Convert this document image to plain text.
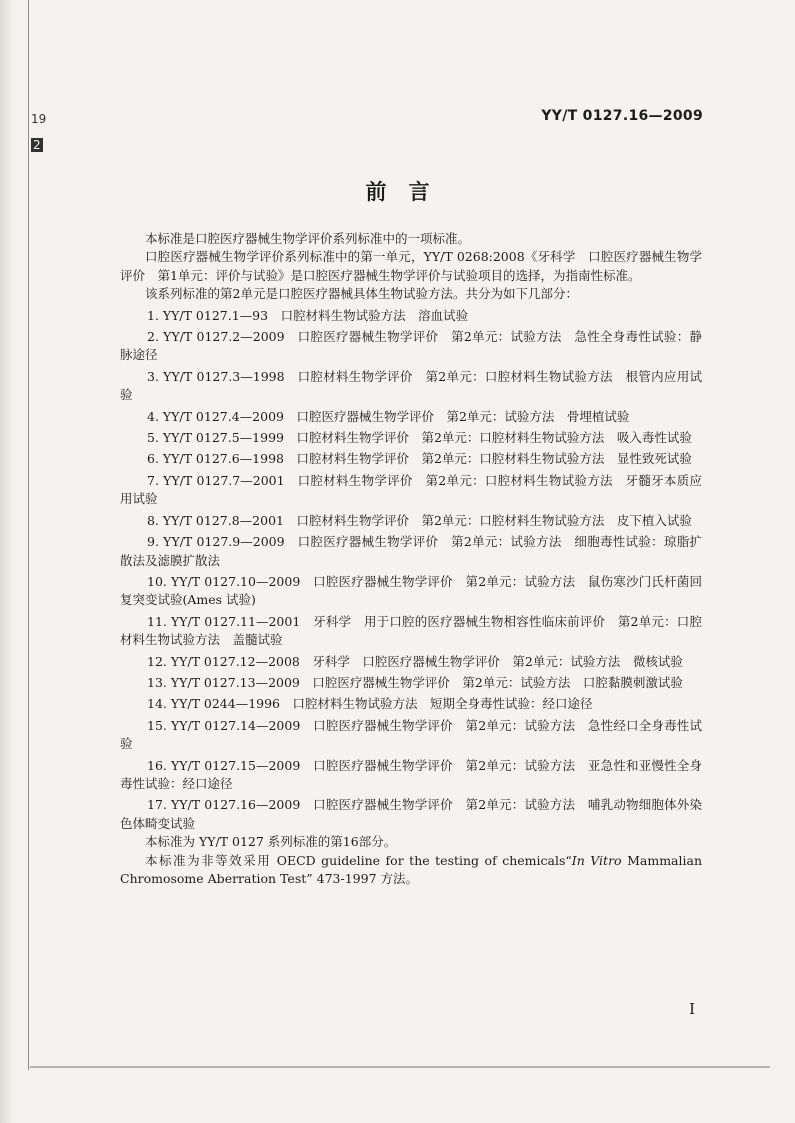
19
2
YY/T 0127.16—2009
前言

本标准是口腔医疗器械生物学评价系列标准中的一项标准。

口腔医疗器械生物学评价系列标准中的第一单元，YY/T 0268:2008《牙科学　口腔医疗器械生物学评价　第1单元：评价与试验》是口腔医疗器械生物学评价与试验项目的选择，为指南性标准。

该系列标准的第2单元是口腔医疗器械具体生物试验方法。共分为如下几部分：

1. YY/T 0127.1—93　口腔材料生物试验方法　溶血试验

2. YY/T 0127.2—2009　口腔医疗器械生物学评价　第2单元：试验方法　急性全身毒性试验：静脉途径

3. YY/T 0127.3—1998　口腔材料生物学评价　第2单元：口腔材料生物试验方法　根管内应用试验

4. YY/T 0127.4—2009　口腔医疗器械生物学评价　第2单元：试验方法　骨埋植试验

5. YY/T 0127.5—1999　口腔材料生物学评价　第2单元：口腔材料生物试验方法　吸入毒性试验

6. YY/T 0127.6—1998　口腔材料生物学评价　第2单元：口腔材料生物试验方法　显性致死试验

7. YY/T 0127.7—2001　口腔材料生物学评价　第2单元：口腔材料生物试验方法　牙髓牙本质应用试验

8. YY/T 0127.8—2001　口腔材料生物学评价　第2单元：口腔材料生物试验方法　皮下植入试验

9. YY/T 0127.9—2009　口腔医疗器械生物学评价　第2单元：试验方法　细胞毒性试验：琼脂扩散法及滤膜扩散法

10. YY/T 0127.10—2009　口腔医疗器械生物学评价　第2单元：试验方法　鼠伤寒沙门氏杆菌回复突变试验(Ames 试验)

11. YY/T 0127.11—2001　牙科学　用于口腔的医疗器械生物相容性临床前评价　第2单元：口腔材料生物试验方法　盖髓试验

12. YY/T 0127.12—2008　牙科学　口腔医疗器械生物学评价　第2单元：试验方法　微核试验

13. YY/T 0127.13—2009　口腔医疗器械生物学评价　第2单元：试验方法　口腔黏膜刺激试验

14. YY/T 0244—1996　口腔材料生物试验方法　短期全身毒性试验：经口途径

15. YY/T 0127.14—2009　口腔医疗器械生物学评价　第2单元：试验方法　急性经口全身毒性试验

16. YY/T 0127.15—2009　口腔医疗器械生物学评价　第2单元：试验方法　亚急性和亚慢性全身毒性试验：经口途径

17. YY/T 0127.16—2009　口腔医疗器械生物学评价　第2单元：试验方法　哺乳动物细胞体外染色体畸变试验

本标准为 YY/T 0127 系列标准的第16部分。

本标准为非等效采用 OECD guideline for the testing of chemicals“In Vitro Mammalian Chromosome Aberration Test” 473-1997 方法。

I
